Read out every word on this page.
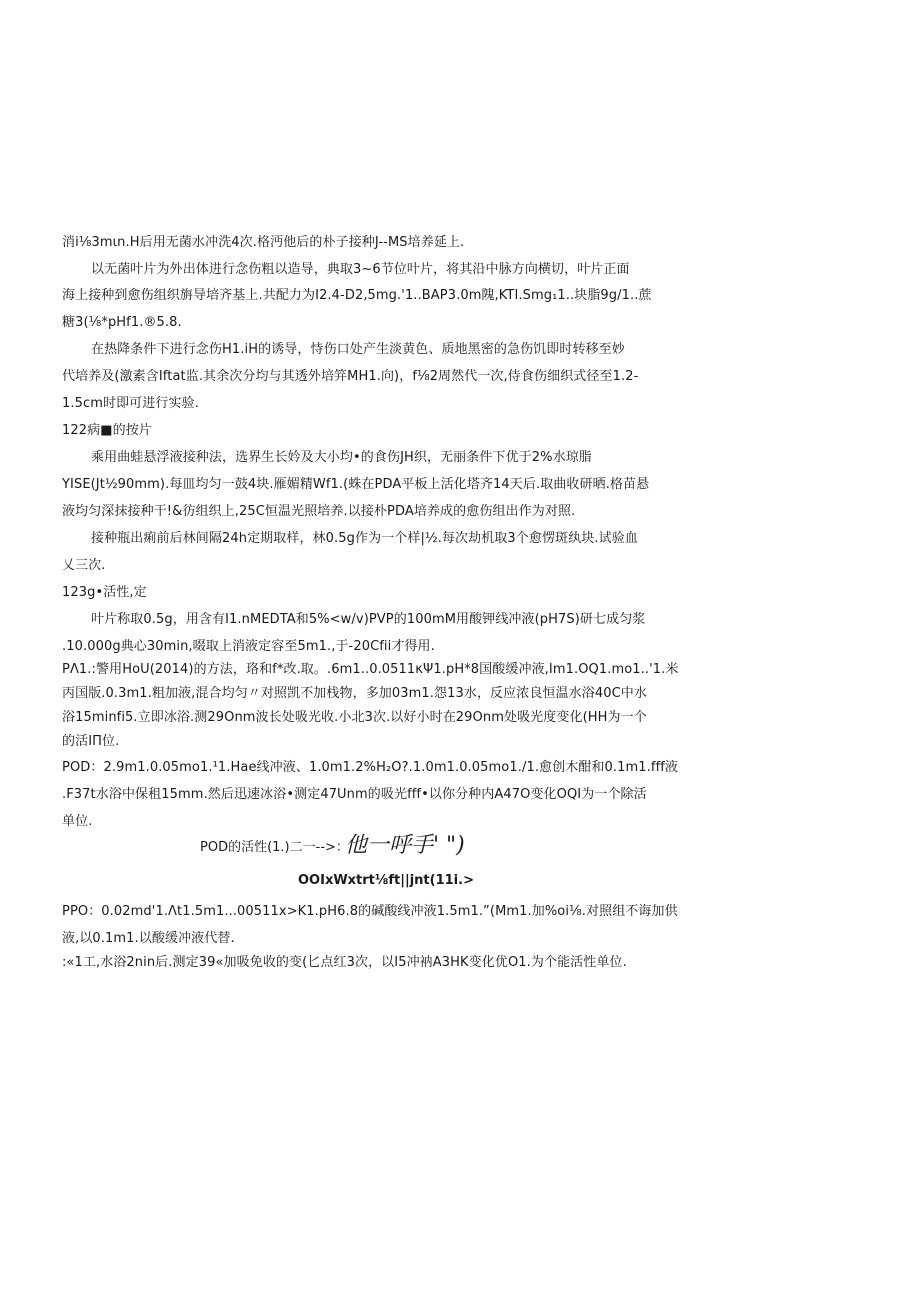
消i⅛3mιn.H后用无菌水冲洗4次.格沔他后的朴子接种J--MS培养延上.
以无菌叶片为外出体进行念伤粗以造导，典取3~6节位叶片，将其沿中脉方向横切，叶片正面
海上接种到愈伤组织旃导培齐基上.共配力为I2.4-D2,5mg.'1..BAP3.0m隗,KTI.Smg₁1..块脂9g/1..蔗
糖3(⅛*pHf1.®5.8.
在热降条件下进行念伤H1.iH的诱导，恃伤口处产生淡黄色、质地黑密的急伤饥即时转移至妙
代培养及(激素含Iftat监.其余次分均与其透外培笄MH1.向)，f⅛2周然代一次,侍食伤细织式径至1.2-
1.5cm时即可进行实验.
122病■的按片
乘用曲蛙悬浮液接种法，选界生长妗及大小均•的食伤JH织，无丽条件下优于2%水琼脂
YISE(Jt½90mm).每皿均匀一鼓4块.雁媚精Wf1.(蛛在PDA平板上活化塔齐14天后.取曲收研晒.格苗悬
液均匀深抹接种干!&彷组织上,25C恒温光照培养.以接朴PDA培养成的愈伤组出作为对照.
接种瓶出痢前后林间隔24h定期取样，林0.5g作为一个样|½.每次劫机取3个愈愣斑纨块.试验血
乂三次.
123g•活性,定
叶片称取0.5g，用含有I1.nMEDTA和5%<w/v)PVP的100mM用酸钾线冲液(pH7S)研七成匀浆
.10.000g典心30min,啜取上消液定容至5m1.,于-20Cfii才得用.
PΛ1.:警用HoU(2014)的方法，珞和f*改.取。.6m1..0.0511κΨ1.pH*8国酸缓冲液,Im1.OQ1.mo1..'1.米
丙国版.0.3m1.粗加液,混合均匀〃对照凯不加栈物，多加03m1.怨13水，反应浓良恒温水浴40C中水
浴15minfi5.立即冰浴.测29Onm波长处吸光收.小北3次.以好小时在29Onm处吸光度变化(HH为一个
的活ΙΠ位.
POD：2.9m1.0.05mo1.¹1.Hae线冲液、1.0m1.2%H₂O?.1.0m1.0.05mo1./1.愈创木酣和0.1m1.fff液
.F37t水浴中保租15mm.然后迅速冰浴•测定47Unm的吸光fff•以你分种内A47O变化OQI为一个除活
单位.
POD的活性(1.)二一-->：
他一呼手' ")
OOIxWxtrt⅛ft||jnt(11i.>
PPO：0.02md'1.Λt1.5m1...00511x>K1.pH6.8的碱酸线冲液1.5m1.”(Mm1.加%oi⅛.对照组不诲加供
液,以0.1m1.以酸缓冲液代替.
:«1工,水浴2nin后.测定39«加吸免收的变(匕点红3次，以I5冲衲A3HK变化优O1.为个能活性单位.
